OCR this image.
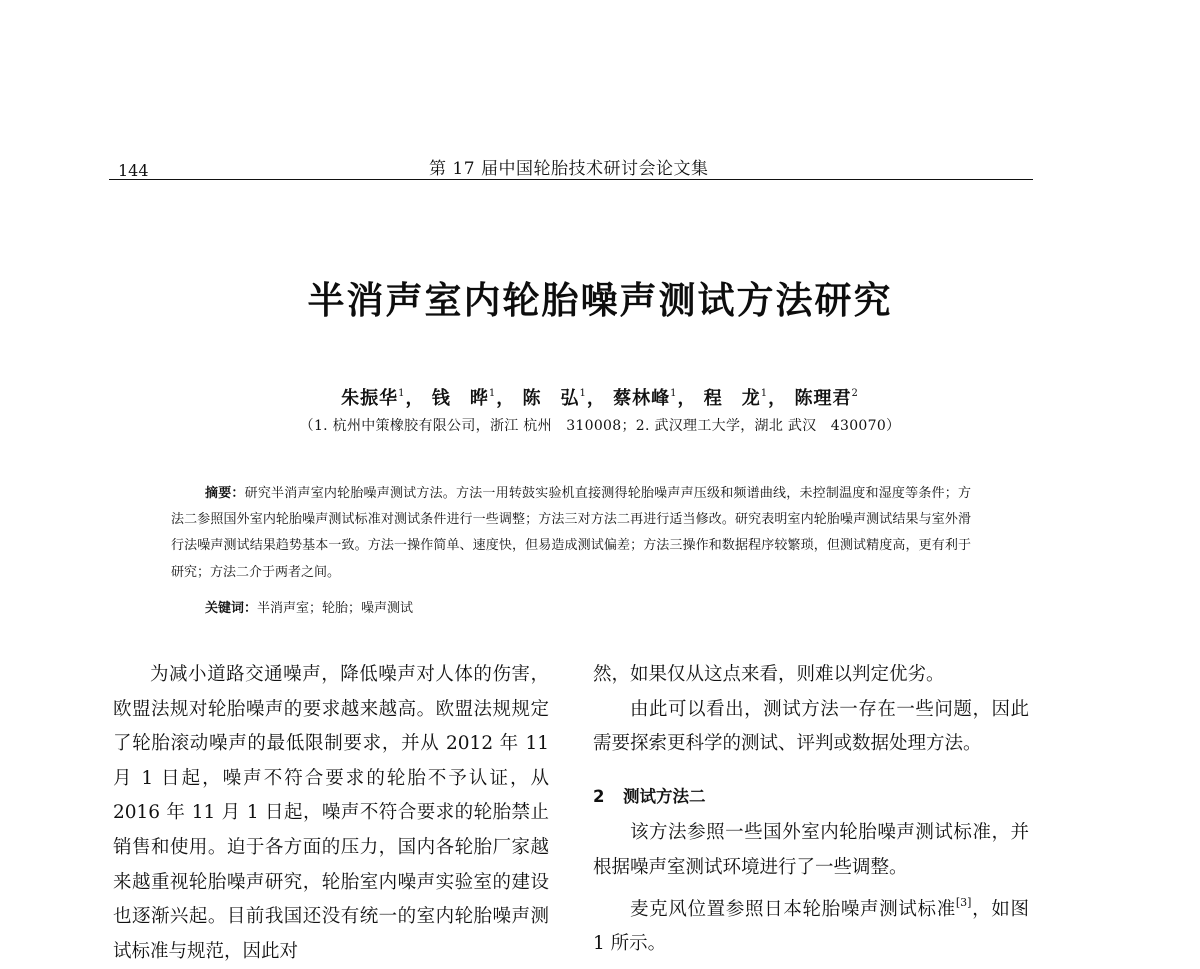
144	第 17 届中国轮胎技术研讨会论文集
半消声室内轮胎噪声测试方法研究
朱振华$^1$， 钱　晔$^1$， 陈　弘$^1$， 蔡林峰$^1$， 程　龙$^1$， 陈理君$^2$
（1. 杭州中策橡胶有限公司，浙江 杭州　310008；2. 武汉理工大学，湖北 武汉　430070）

摘要：研究半消声室内轮胎噪声测试方法。方法一用转鼓实验机直接测得轮胎噪声声压级和频谱曲线，未控制温度和湿度等条件；方法二参照国外室内轮胎噪声测试标准对测试条件进行一些调整；方法三对方法二再进行适当修改。研究表明室内轮胎噪声测试结果与室外滑行法噪声测试结果趋势基本一致。方法一操作简单、速度快，但易造成测试偏差；方法三操作和数据程序较繁琐，但测试精度高，更有利于研究；方法二介于两者之间。

关键词：半消声室；轮胎；噪声测试

为减小道路交通噪声，降低噪声对人体的伤害，欧盟法规对轮胎噪声的要求越来越高。欧盟法规规定了轮胎滚动噪声的最低限制要求，并从 2012 年 11 月 1 日起，噪声不符合要求的轮胎不予认证，从 2016 年 11 月 1 日起，噪声不符合要求的轮胎禁止销售和使用。迫于各方面的压力，国内各轮胎厂家越来越重视轮胎噪声研究，轮胎室内噪声实验室的建设也逐渐兴起。目前我国还没有统一的室内轮胎噪声测试标准与规范，因此对

然，如果仅从这点来看，则难以判定优劣。

由此可以看出，测试方法一存在一些问题，因此需要探索更科学的测试、评判或数据处理方法。

2 测试方法二

该方法参照一些国外室内轮胎噪声测试标准，并根据噪声室测试环境进行了一些调整。

麦克风位置参照日本轮胎噪声测试标准[3]，如图 1 所示。
